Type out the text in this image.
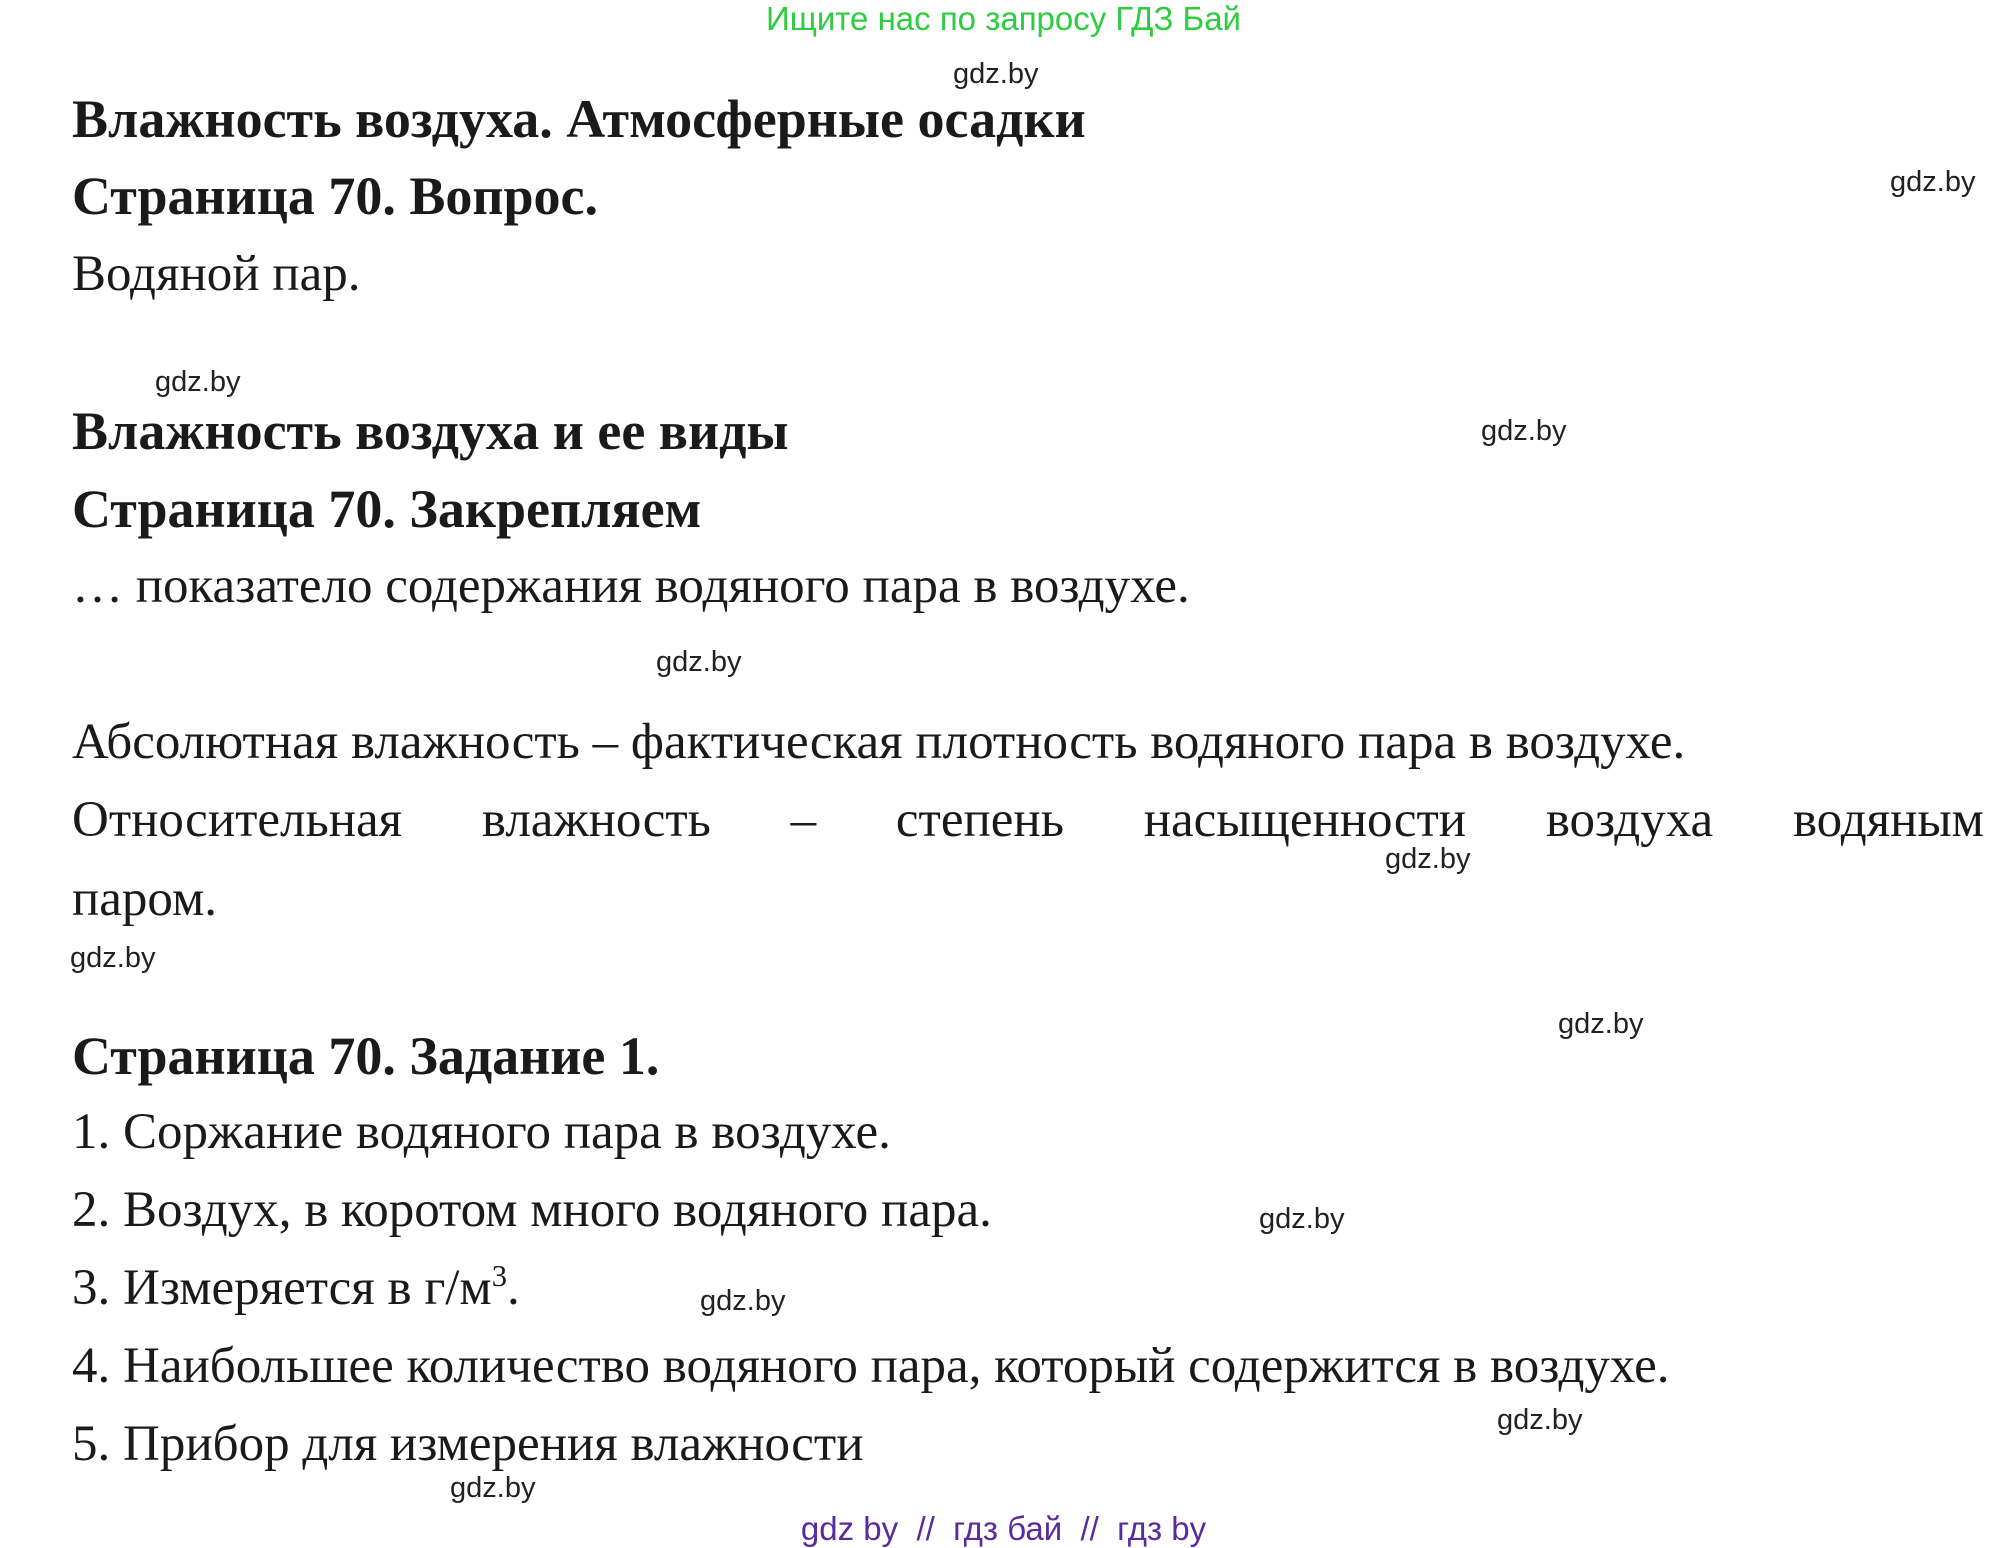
Ищите нас по запросу ГДЗ Бай
Влажность воздуха. Атмосферные осадки
Страница 70. Вопрос.
Водяной пар.
Влажность воздуха и ее виды
Страница 70. Закрепляем
… показатело содержания водяного пара в воздухе.
Абсолютная влажность – фактическая плотность водяного пара в воздухе.
Относительная влажность – степень насыщенности воздуха водяным
паром.
Страница 70. Задание 1.
1. Соржание водяного пара в воздухе.
2. Воздух, в коротом много водяного пара.
3. Измеряется в $г/м^3$.
4. Наибольшее количество водяного пара, который содержится в воздухе.
5. Прибор для измерения влажности
gdz.by
gdz.by
gdz.by
gdz.by
gdz.by
gdz.by
gdz.by
gdz.by
gdz.by
gdz.by
gdz.by
gdz.by
gdz by  //  гдз бай  //  гдз by
